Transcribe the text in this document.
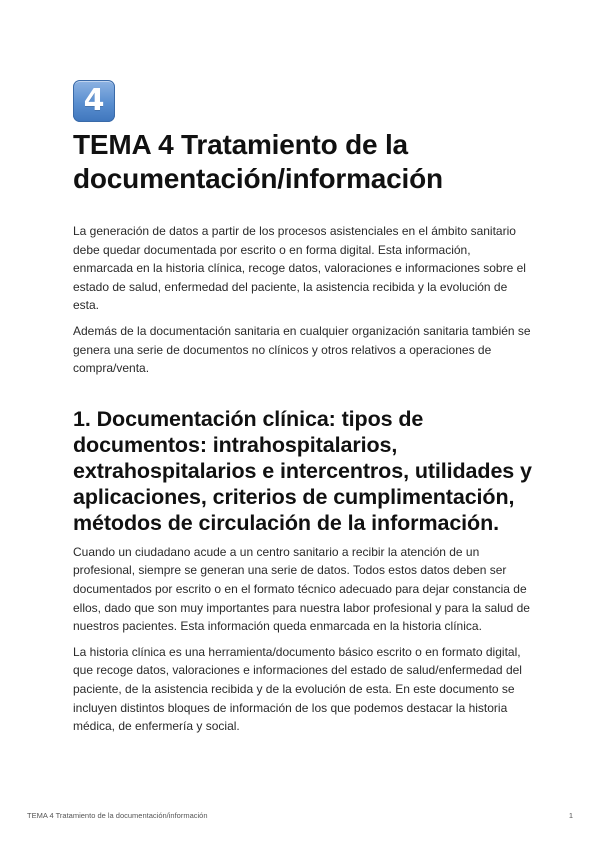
4
TEMA 4 Tratamiento de la documentación/información

La generación de datos a partir de los procesos asistenciales en el ámbito sanitario debe quedar documentada por escrito o en forma digital. Esta información, enmarcada en la historia clínica, recoge datos, valoraciones e informaciones sobre el estado de salud, enfermedad del paciente, la asistencia recibida y la evolución de esta.

Además de la documentación sanitaria en cualquier organización sanitaria también se genera una serie de documentos no clínicos y otros relativos a operaciones de compra/venta.

1. Documentación clínica: tipos de documentos: intrahospitalarios, extrahospitalarios e intercentros, utilidades y aplicaciones, criterios de cumplimentación, métodos de circulación de la información.

Cuando un ciudadano acude a un centro sanitario a recibir la atención de un profesional, siempre se generan una serie de datos. Todos estos datos deben ser documentados por escrito o en el formato técnico adecuado para dejar constancia de ellos, dado que son muy importantes para nuestra labor profesional y para la salud de nuestros pacientes. Esta información queda enmarcada en la historia clínica.

La historia clínica es una herramienta/documento básico escrito o en formato digital, que recoge datos, valoraciones e informaciones del estado de salud/enfermedad del paciente, de la asistencia recibida y de la evolución de esta. En este documento se incluyen distintos bloques de información de los que podemos destacar la historia médica, de enfermería y social.

TEMA 4 Tratamiento de la documentación/información	1
